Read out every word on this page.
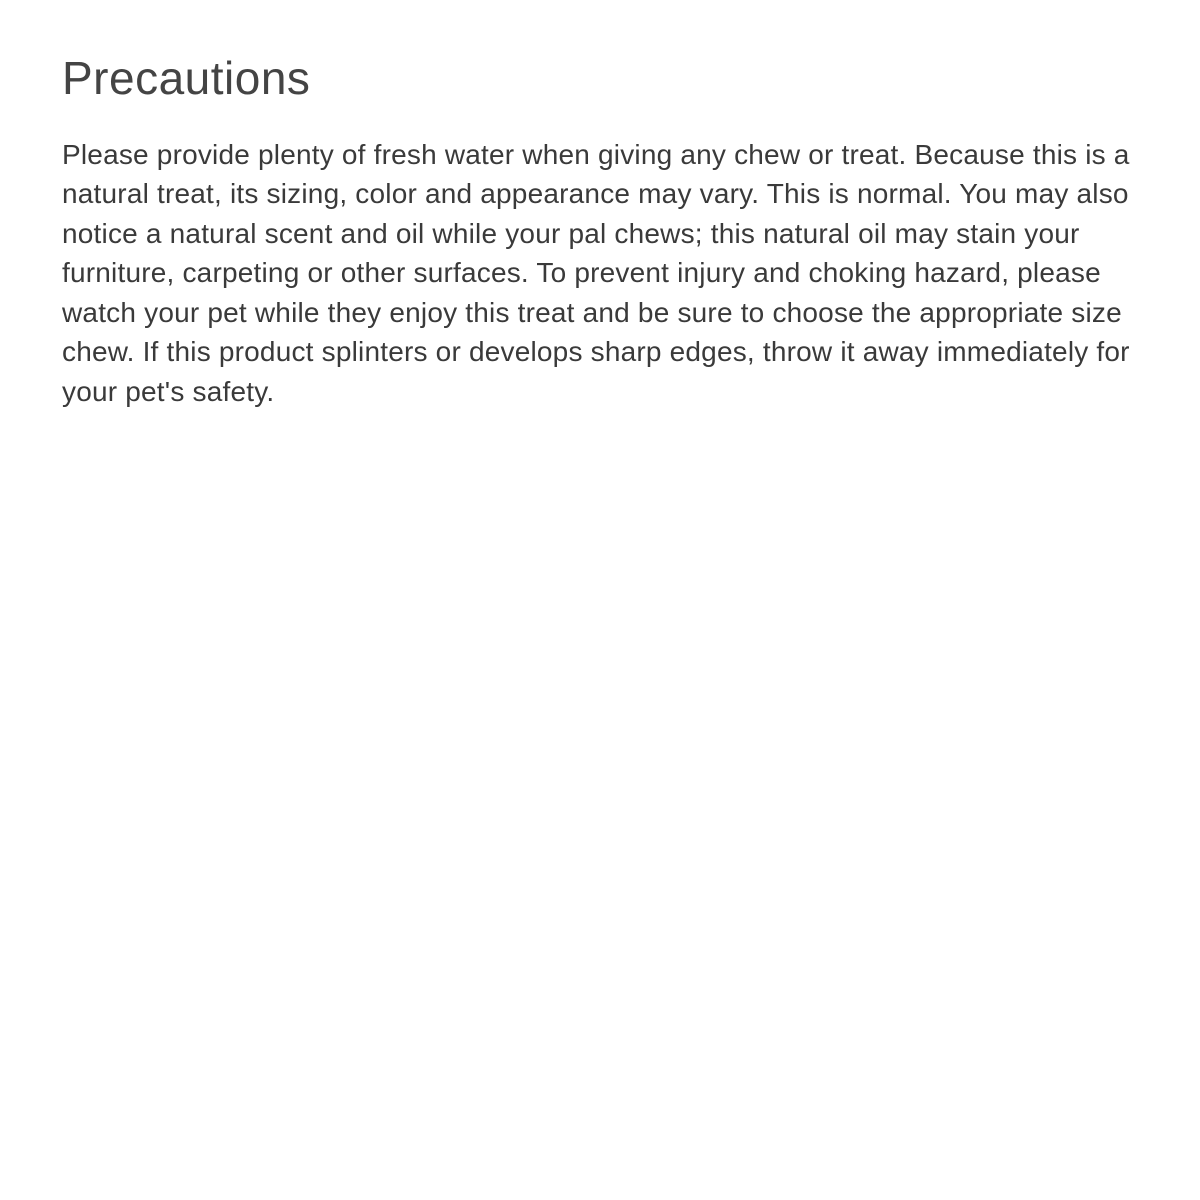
Precautions

Please provide plenty of fresh water when giving any chew or treat. Because this is a natural treat, its sizing, color and appearance may vary. This is normal. You may also notice a natural scent and oil while your pal chews; this natural oil may stain your furniture, carpeting or other surfaces. To prevent injury and choking hazard, please watch your pet while they enjoy this treat and be sure to choose the appropriate size chew. If this product splinters or develops sharp edges, throw it away immediately for your pet's safety.
